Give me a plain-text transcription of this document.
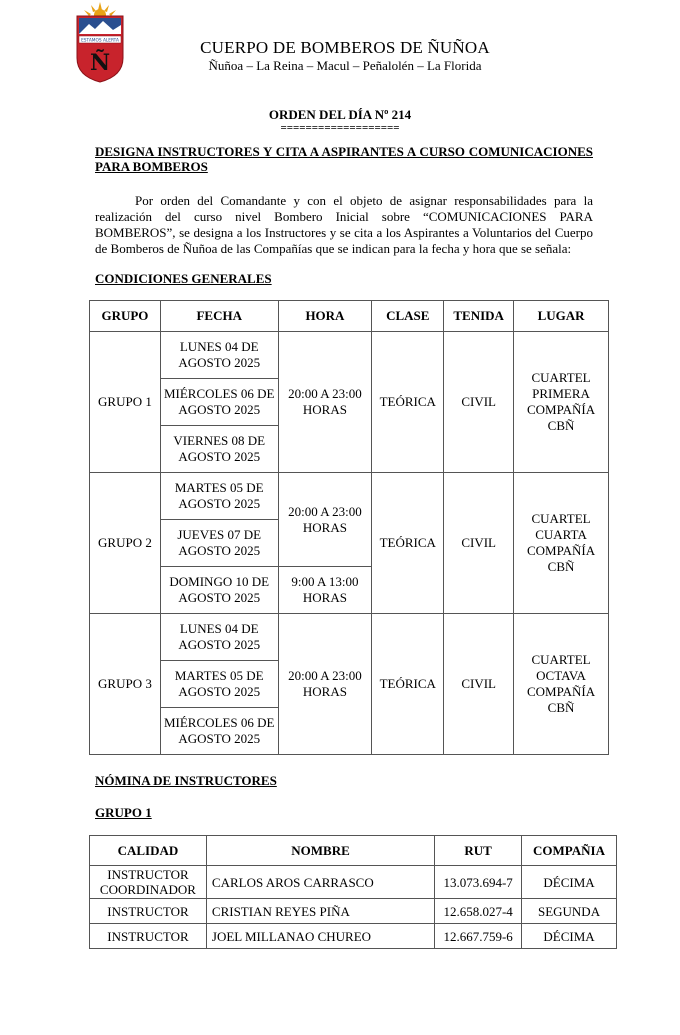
ESTAMOS ALERTA
Ñ
CUERPO DE BOMBEROS DE ÑUÑOA
Ñuñoa – La Reina – Macul – Peñalolén – La Florida
ORDEN DEL DÍA Nº 214
===================
DESIGNA INSTRUCTORES Y CITA A ASPIRANTES A CURSO COMUNICACIONES PARA BOMBEROS
Por orden del Comandante y con el objeto de asignar responsabilidades para la realización del curso nivel Bombero Inicial sobre “COMUNICACIONES PARA BOMBEROS”, se designa a los Instructores y se cita a los Aspirantes a Voluntarios del Cuerpo de Bomberos de Ñuñoa de las Compañías que se indican para la fecha y hora que se señala:
CONDICIONES GENERALES
GRUPO	FECHA	HORA	CLASE	TENIDA	LUGAR
GRUPO 1	LUNES 04 DE AGOSTO 2025	20:00 A 23:00 HORAS	TEÓRICA	CIVIL	CUARTEL PRIMERA COMPAÑÍA CBÑ
	MIÉRCOLES 06 DE AGOSTO 2025				
	VIERNES 08 DE AGOSTO 2025				
GRUPO 2	MARTES 05 DE AGOSTO 2025	20:00 A 23:00 HORAS	TEÓRICA	CIVIL	CUARTEL CUARTA COMPAÑÍA CBÑ
	JUEVES 07 DE AGOSTO 2025				
	DOMINGO 10 DE AGOSTO 2025	9:00 A 13:00 HORAS			
GRUPO 3	LUNES 04 DE AGOSTO 2025	20:00 A 23:00 HORAS	TEÓRICA	CIVIL	CUARTEL OCTAVA COMPAÑÍA CBÑ
	MARTES 05 DE AGOSTO 2025				
	MIÉRCOLES 06 DE AGOSTO 2025				
NÓMINA DE INSTRUCTORES
GRUPO 1
CALIDAD	NOMBRE	RUT	COMPAÑIA
INSTRUCTOR COORDINADOR	CARLOS AROS CARRASCO	13.073.694-7	DÉCIMA
INSTRUCTOR	CRISTIAN REYES PIÑA	12.658.027-4	SEGUNDA
INSTRUCTOR	JOEL MILLANAO CHUREO	12.667.759-6	DÉCIMA
